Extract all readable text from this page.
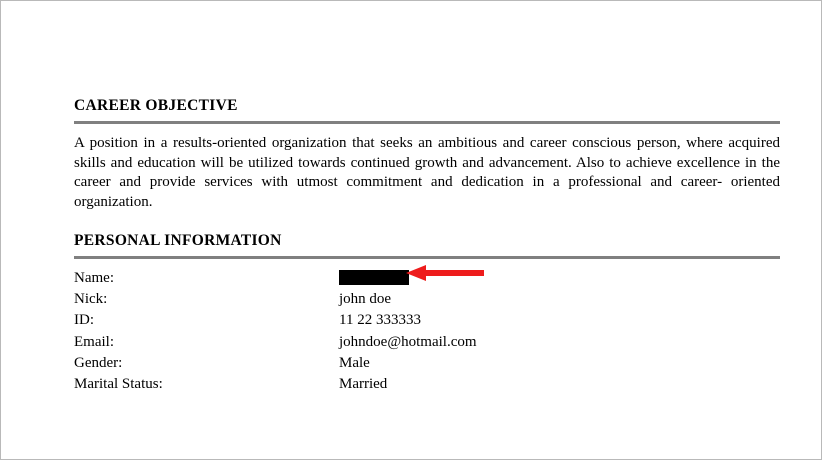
CAREER OBJECTIVE

A position in a results-oriented organization that seeks an ambitious and career conscious person, where acquired skills and education will be utilized towards continued growth and advancement. Also to achieve excellence in the career and provide services with utmost commitment and dedication in a professional and career- oriented organization.

PERSONAL INFORMATION
Name:	
Nick:	john doe
ID:	11 22 333333
Email:	johndoe@hotmail.com
Gender:	Male
Marital Status:	Married
